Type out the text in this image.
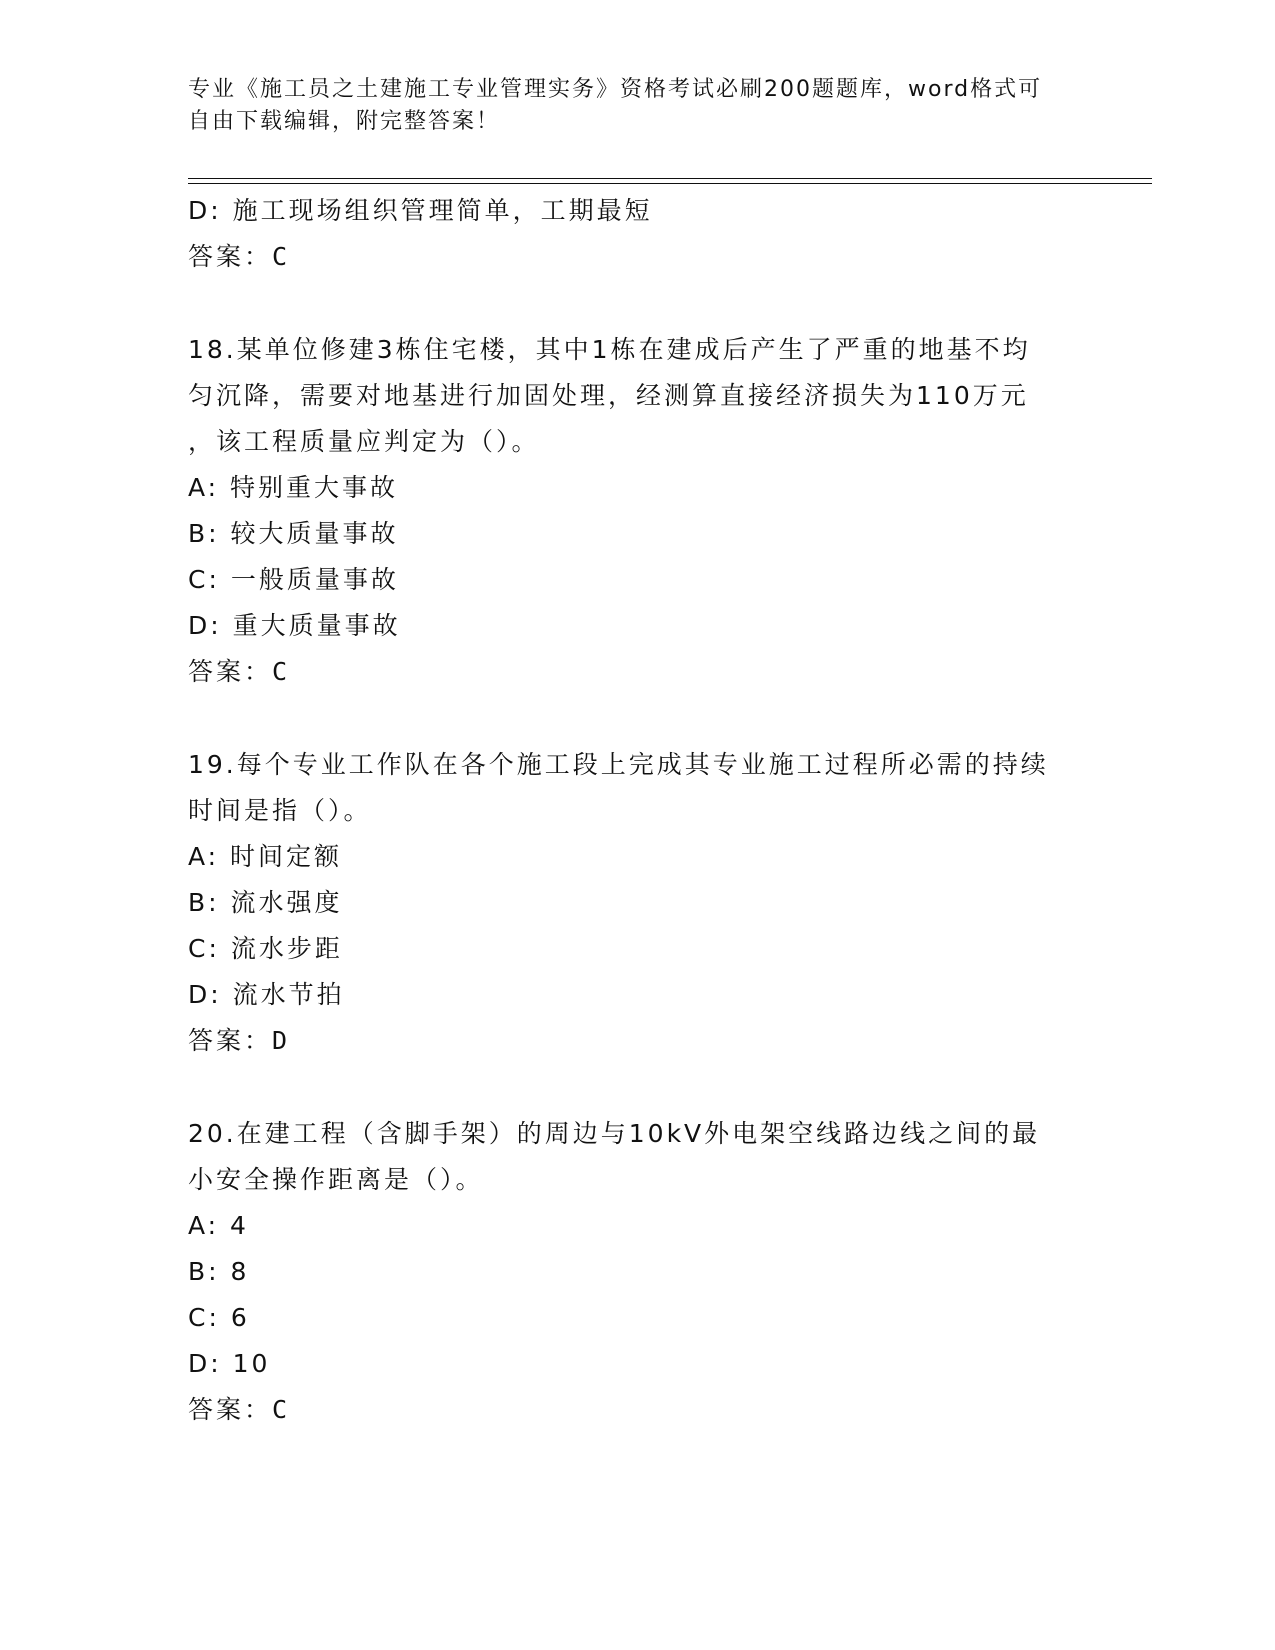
专业《施工员之土建施工专业管理实务》资格考试必刷200题题库，word格式可
自由下载编辑，附完整答案！
D: 施工现场组织管理简单，工期最短
答案：C
18.某单位修建3栋住宅楼，其中1栋在建成后产生了严重的地基不均
匀沉降，需要对地基进行加固处理，经测算直接经济损失为110万元
，该工程质量应判定为（）。
A: 特别重大事故
B: 较大质量事故
C: 一般质量事故
D: 重大质量事故
答案：C
19.每个专业工作队在各个施工段上完成其专业施工过程所必需的持续
时间是指（）。
A: 时间定额
B: 流水强度
C: 流水步距
D: 流水节拍
答案：D
20.在建工程（含脚手架）的周边与10kV外电架空线路边线之间的最
小安全操作距离是（）。
A: 4
B: 8
C: 6
D: 10
答案：C
